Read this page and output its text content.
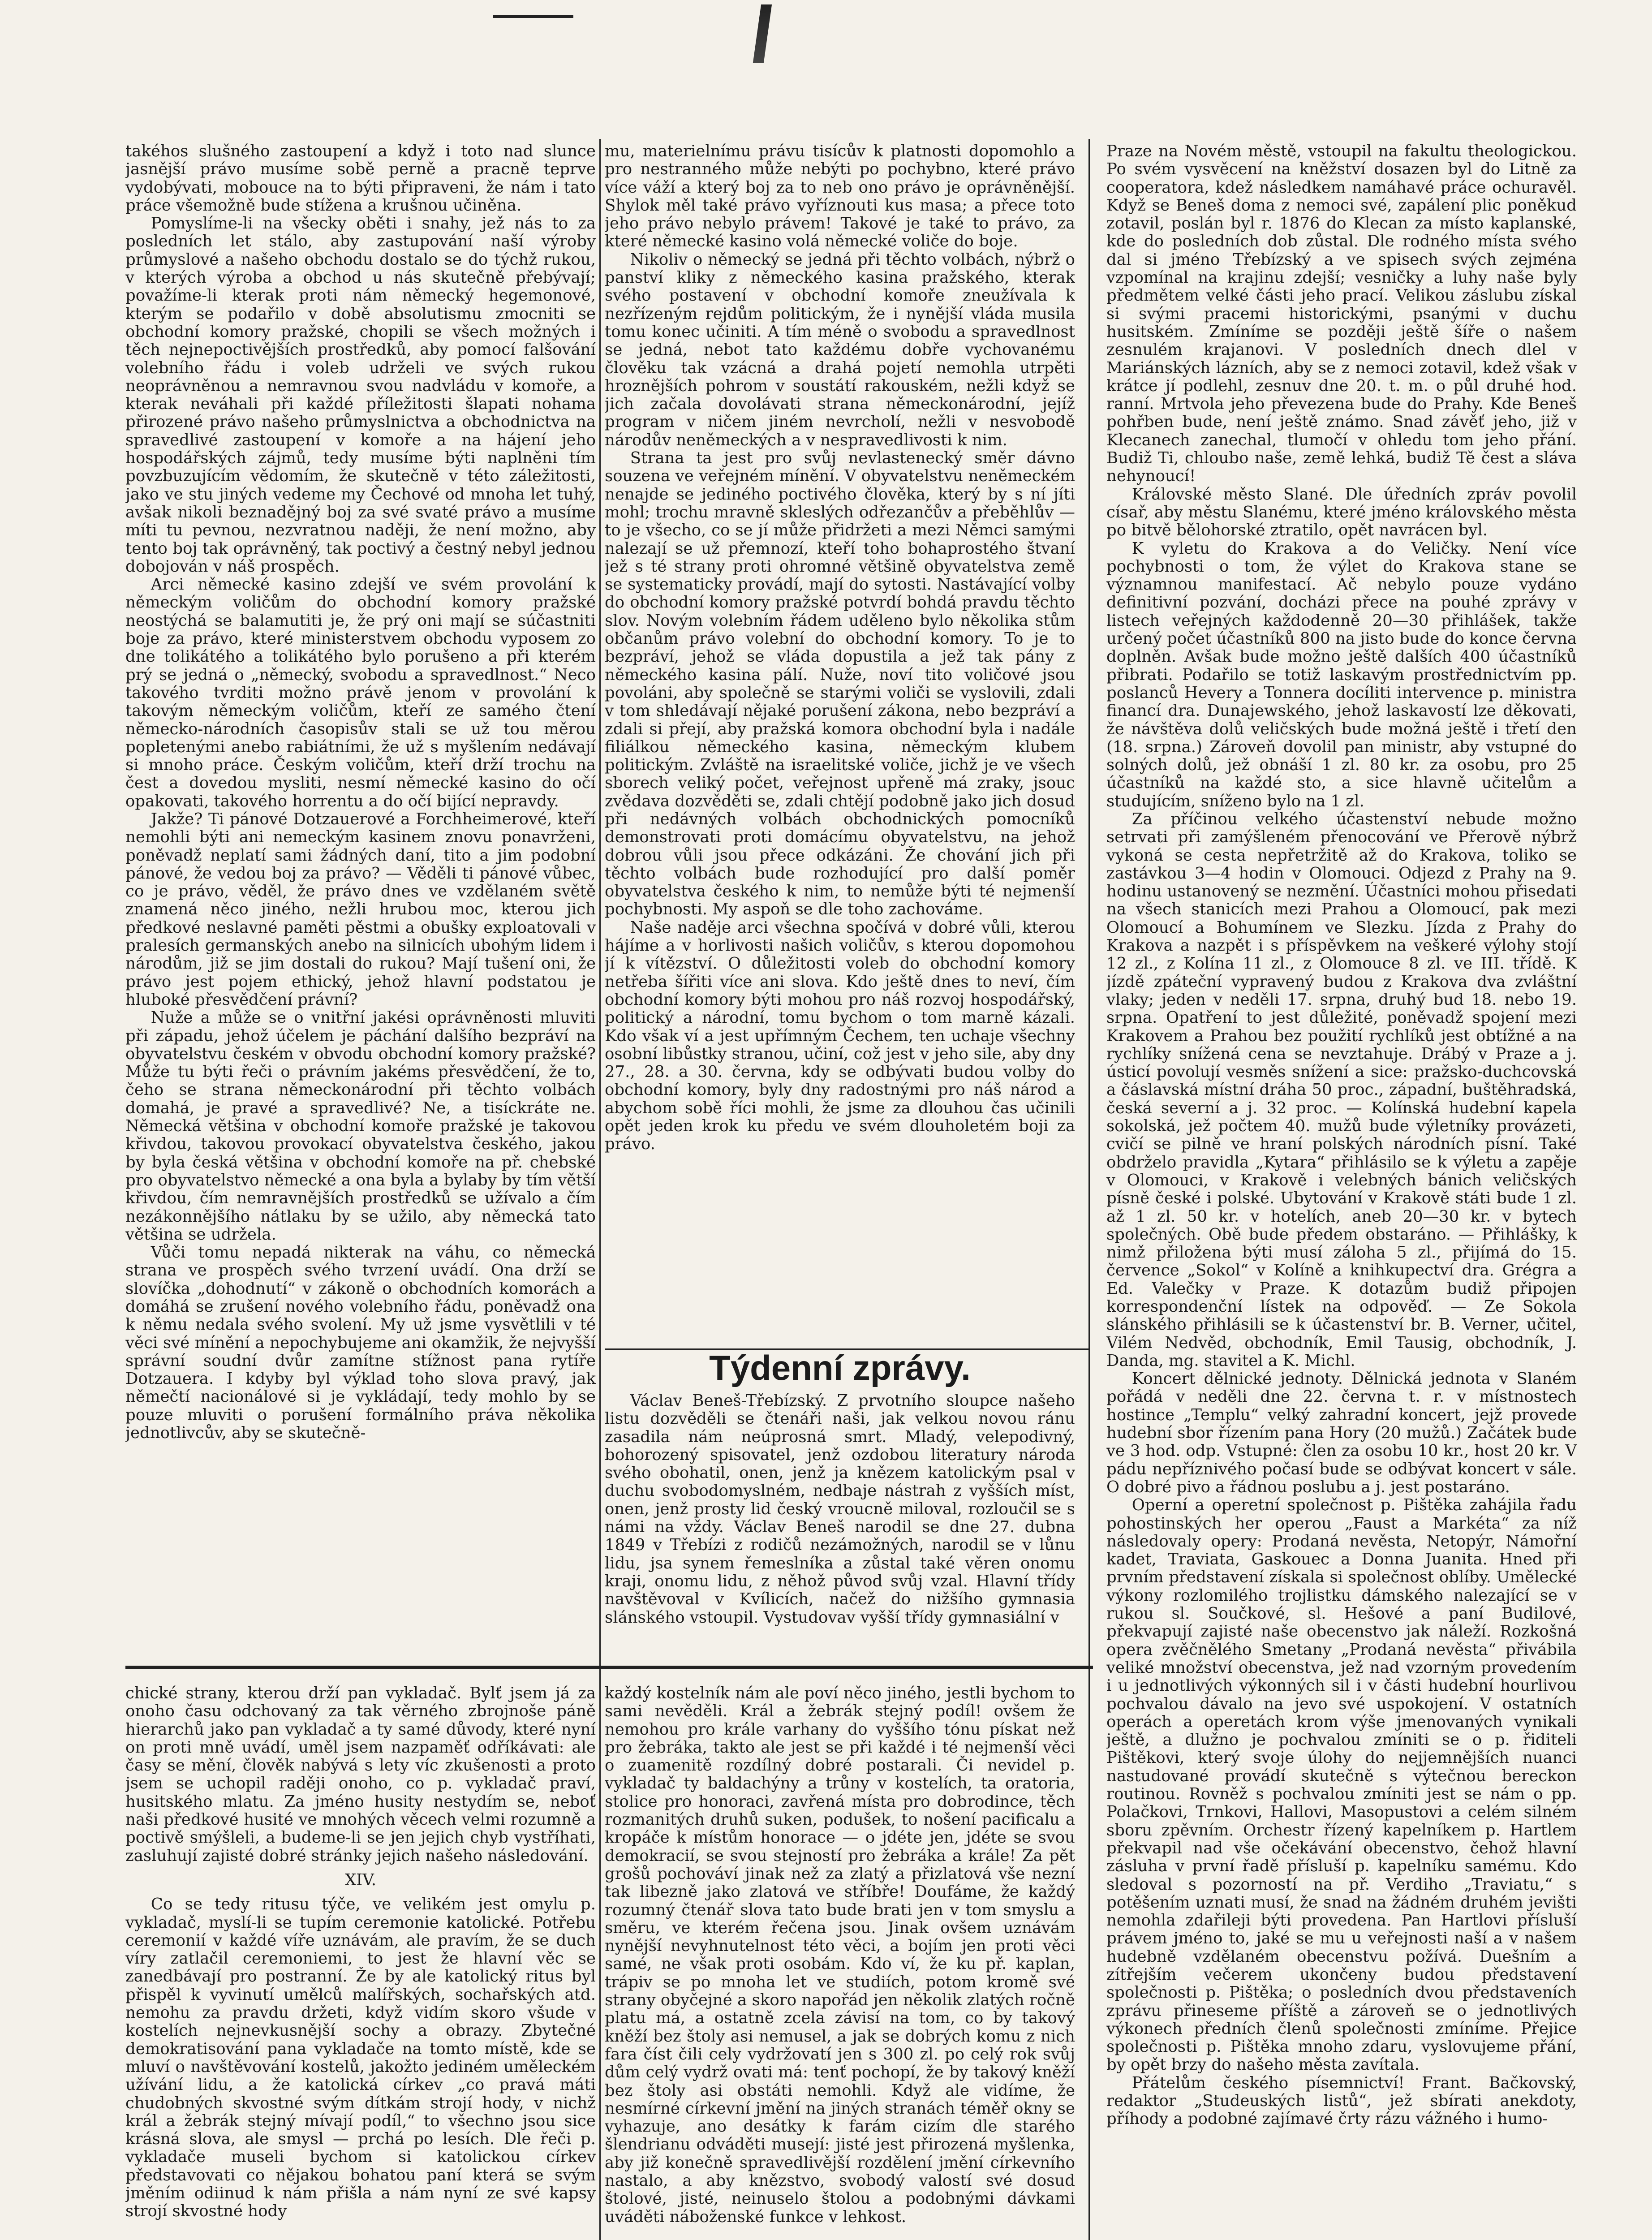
takéhos slušného zastoupení a když i toto nad slunce jasnější právo musíme sobě perně a pracně teprve vydobývati, mobouce na to býti připraveni, že nám i tato práce všemožně bude stížena a krušnou učiněna.

Pomyslíme-li na všecky oběti i snahy, jež nás to za posledních let stálo, aby zastupování naší výroby průmyslové a našeho obchodu dostalo se do týchž rukou, v kterých výroba a obchod u nás skutečně přebývají; považíme-li kterak proti nám německý hegemonové, kterým se podařilo v době absolutismu zmocniti se obchodní komory pražské, chopili se všech možných i těch nejnepoctivějších prostředků, aby pomocí falšování volebního řádu i voleb udrželi ve svých rukou neoprávněnou a nemravnou svou nadvládu v komoře, a kterak neváhali při každé příležitosti šlapati nohama přirozené právo našeho průmyslnictva a obchodnictva na spravedlivé zastoupení v komoře a na hájení jeho hospodářských zájmů, tedy musíme býti naplněni tím povzbuzujícím vědomím, že skutečně v této záležitosti, jako ve stu jiných vedeme my Čechové od mnoha let tuhý, avšak nikoli beznadějný boj za své svaté právo a musíme míti tu pevnou, nezvratnou naději, že není možno, aby tento boj tak oprávněný, tak poctivý a čestný nebyl jednou dobojován v náš prospěch.

Arci německé kasino zdejší ve svém provolání k německým voličům do obchodní komory pražské neostýchá se balamutiti je, že prý oni mají se súčastniti boje za právo, které ministerstvem obchodu vyposem zo dne tolikátého a tolikátého bylo porušeno a při kterém prý se jedná o „německý, svobodu a spravedlnost.“ Neco takového tvrditi možno právě jenom v provolání k takovým německým voličům, kteří ze samého čtení německo-národních časopisův stali se už tou měrou popletenými anebo rabiátními, že už s myšlením nedávají si mnoho práce. Českým voličům, kteří drží trochu na čest a dovedou mysliti, nesmí německé kasino do očí opakovati, takového horrentu a do očí bijící nepravdy.

Jakže? Ti pánové Dotzauerové a Forchheimerové, kteří nemohli býti ani nemeckým kasinem znovu ponavrženi, poněvadž neplatí sami žádných daní, tito a jim podobní pánové, že vedou boj za právo? — Věděli ti pánové vůbec, co je právo, věděl, že právo dnes ve vzdělaném světě znamená něco jiného, nežli hrubou moc, kterou jich předkové neslavné paměti pěstmi a obušky exploatovali v pralesích germanských anebo na silnicích ubohým lidem i národům, již se jim dostali do rukou? Mají tušení oni, že právo jest pojem ethický, jehož hlavní podstatou je hluboké přesvědčení právní?

Nuže a může se o vnitřní jakési oprávněnosti mluviti při západu, jehož účelem je páchání dalšího bezpráví na obyvatelstvu českém v obvodu obchodní komory pražské? Může tu býti řeči o právním jakéms přesvědčení, že to, čeho se strana německonárodní při těchto volbách domahá, je pravé a spravedlivé? Ne, a tisíckráte ne. Německá většina v obchodní komoře pražské je takovou křivdou, takovou provokací obyvatelstva českého, jakou by byla česká většina v obchodní komoře na př. chebské pro obyvatelstvo německé a ona byla a bylaby by tím větší křivdou, čím nemravnějších prostředků se užívalo a čím nezákonnějšího nátlaku by se užilo, aby německá tato většina se udržela.

Vůči tomu nepadá nikterak na váhu, co německá strana ve prospěch svého tvrzení uvádí. Ona drží se slovíčka „dohodnutí“ v zákoně o obchodních komorách a domáhá se zrušení nového volebního řádu, poněvadž ona k němu nedala svého svolení. My už jsme vysvětlili v té věci své mínění a nepochybujeme ani okamžik, že nejvyšší správní soudní dvůr zamítne stížnost pana rytíře Dotzauera. I kdyby byl výklad toho slova pravý, jak němečtí nacionálové si je vykládají, tedy mohlo by se pouze mluviti o porušení formálního práva několika jednotlivcův, aby se skutečně-

mu, materielnímu právu tisícův k platnosti dopomohlo a pro nestranného může nebýti po pochybno, které právo více váží a který boj za to neb ono právo je oprávněnější. Shylok měl také právo vyříznouti kus masa; a přece toto jeho právo nebylo právem! Takové je také to právo, za které německé kasino volá německé voliče do boje.

Nikoliv o německý se jedná při těchto volbách, nýbrž o panství kliky z německého kasina pražského, kterak svého postavení v obchodní komoře zneužívala k nezřízeným rejdům politickým, že i nynější vláda musila tomu konec učiniti. A tím méně o svobodu a spravedlnost se jedná, nebot tato každému dobře vychovanému člověku tak vzácná a drahá pojetí nemohla utrpěti hroznějších pohrom v soustátí rakouském, nežli když se jich začala dovolávati strana německonárodní, jejíž program v ničem jiném nevrcholí, nežli v nesvobodě národův neněmeckých a v nespravedlivosti k nim.

Strana ta jest pro svůj nevlastenecký směr dávno souzena ve veřejném mínění. V obyvatelstvu neněmeckém nenajde se jediného poctivého člověka, který by s ní jíti mohl; trochu mravně skleslých odřezančův a přeběhlův — to je všecho, co se jí může přidržeti a mezi Němci samými nalezají se už přemnozí, kteří toho bohaprostého štvaní jež s té strany proti ohromné většině obyvatelstva země se systematicky provádí, mají do sytosti. Nastávající volby do obchodní komory pražské potvrdí bohdá pravdu těchto slov. Novým volebním řádem uděleno bylo několika stům občanům právo volební do obchodní komory. To je to bezpráví, jehož se vláda dopustila a jež tak pány z německého kasina pálí. Nuže, noví tito voličové jsou povoláni, aby společně se starými voliči se vyslovili, zdali v tom shledávají nějaké porušení zákona, nebo bezpráví a zdali si přejí, aby pražská komora obchodní byla i nadále filiálkou německého kasina, německým klubem politickým. Zvláště na israelitské voliče, jichž je ve všech sborech veliký počet, veřejnost upřeně má zraky, jsouc zvědava dozvěděti se, zdali chtějí podobně jako jich dosud při nedávných volbách obchodnických pomocníků demonstrovati proti domácímu obyvatelstvu, na jehož dobrou vůli jsou přece odkázáni. Že chování jich při těchto volbách bude rozhodující pro další poměr obyvatelstva českého k nim, to nemůže býti té nejmenší pochybnosti. My aspoň se dle toho zachováme.

Naše naděje arci všechna spočívá v dobré vůli, kterou hájíme a v horlivosti našich voličův, s kterou dopomohou jí k vítězství. O důležitosti voleb do obchodní komory netřeba šířiti více ani slova. Kdo ještě dnes to neví, čím obchodní komory býti mohou pro náš rozvoj hospodářský, politický a národní, tomu bychom o tom marně kázali. Kdo však ví a jest upřímným Čechem, ten uchaje všechny osobní libůstky stranou, učiní, což jest v jeho sile, aby dny 27., 28. a 30. června, kdy se odbývati budou volby do obchodní komory, byly dny radostnými pro náš národ a abychom sobě říci mohli, že jsme za dlouhou čas učinili opět jeden krok ku předu ve svém dlouholetém boji za právo.

Týdenní zprávy.

Václav Beneš-Třebízský. Z prvotního sloupce našeho listu dozvěděli se čtenáři naši, jak velkou novou ránu zasadila nám neúprosná smrt. Mladý, velepodivný, bohorozený spisovatel, jenž ozdobou literatury národa svého obohatil, onen, jenž ja knězem katolickým psal v duchu svobodomyslném, nedbaje nástrah z vyšších míst, onen, jenž prosty lid český vroucně miloval, rozloučil se s námi na vždy. Václav Beneš narodil se dne 27. dubna 1849 v Třebízi z rodičů nezámožných, narodil se v lůnu lidu, jsa synem řemeslníka a zůstal také věren onomu kraji, onomu lidu, z něhož původ svůj vzal. Hlavní třídy navštěvoval v Kvílicích, načež do nižšího gymnasia slánského vstoupil. Vystudovav vyšší třídy gymnasiální v

Praze na Novém městě, vstoupil na fakultu theologickou. Po svém vysvěcení na kněžství dosazen byl do Litně za cooperatora, kdež následkem namáhavé práce ochuravěl. Když se Beneš doma z nemoci své, zapálení plic poněkud zotavil, poslán byl r. 1876 do Klecan za místo kaplanské, kde do posledních dob zůstal. Dle rodného místa svého dal si jméno Třebízský a ve spisech svých zejména vzpomínal na krajinu zdejší; vesničky a luhy naše byly předmětem velké části jeho prací. Velikou záslubu získal si svými pracemi historickými, psanými v duchu husitském. Zmíníme se později ještě šíře o našem zesnulém krajanovi. V posledních dnech dlel v Mariánských lázních, aby se z nemoci zotavil, kdež však v krátce jí podlehl, zesnuv dne 20. t. m. o půl druhé hod. ranní. Mrtvola jeho převezena bude do Prahy. Kde Beneš pohřben bude, není ještě známo. Snad závěť jeho, již v Klecanech zanechal, tlumočí v ohledu tom jeho přání. Budiž Ti, chloubo naše, země lehká, budiž Tě čest a sláva nehynoucí!

Královské město Slané. Dle úředních zpráv povolil císař, aby městu Slanému, které jméno královského města po bitvě bělohorské ztratilo, opět navrácen byl.

K vyletu do Krakova a do Veličky. Není více pochybnosti o tom, že výlet do Krakova stane se významnou manifestací. Ač nebylo pouze vydáno definitivní pozvání, docházi přece na pouhé zprávy v listech veřejných každodenně 20—30 přihlášek, takže určený počet účastníků 800 na jisto bude do konce června doplněn. Avšak bude možno ještě dalších 400 účastníků přibrati. Podařilo se totiž laskavým prostřednictvím pp. poslanců Hevery a Tonnera docíliti intervence p. ministra financí dra. Dunajewského, jehož laskavostí lze děkovati, že návštěva dolů veličských bude možná ještě i třetí den (18. srpna.) Zároveň dovolil pan ministr, aby vstupné do solných dolů, jež obnáší 1 zl. 80 kr. za osobu, pro 25 účastníků na každé sto, a sice hlavně učitelům a studujícím, sníženo bylo na 1 zl.

Za příčinou velkého účastenství nebude možno setrvati při zamýšleném přenocování ve Přerově nýbrž vykoná se cesta nepřetržitě až do Krakova, toliko se zastávkou 3—4 hodin v Olomouci. Odjezd z Prahy na 9. hodinu ustanovený se nezmění. Účastníci mohou přisedati na všech stanicích mezi Prahou a Olomoucí, pak mezi Olomoucí a Bohumínem ve Slezku. Jízda z Prahy do Krakova a nazpět i s příspěvkem na veškeré výlohy stojí 12 zl., z Kolína 11 zl., z Olomouce 8 zl. ve III. třídě. K jízdě zpáteční vypravený budou z Krakova dva zvláštní vlaky; jeden v neděli 17. srpna, druhý bud 18. nebo 19. srpna. Opatření to jest důležité, poněvadž spojení mezi Krakovem a Prahou bez použití rychlíků jest obtížné a na rychlíky snížená cena se nevztahuje. Drábý v Praze a j. ústicí povolují vesměs snížení a sice: pražsko-duchcovská a čáslavská místní dráha 50 proc., západní, buštěhradská, česká severní a j. 32 proc. — Kolínská hudební kapela sokolská, jež počtem 40. mužů bude výletníky provázeti, cvičí se pilně ve hraní polských národních písní. Také obdrželo pravidla „Kytara“ přihlásilo se k výletu a zapěje v Olomouci, v Krakově i velebných bánich veličských písně české i polské. Ubytování v Krakově státi bude 1 zl. až 1 zl. 50 kr. v hotelích, aneb 20—30 kr. v bytech společných. Obě bude předem obstaráno. — Přihlášky, k nimž přiložena býti musí záloha 5 zl., přijímá do 15. července „Sokol“ v Kolíně a knihkupectví dra. Grégra a Ed. Valečky v Praze. K dotazům budiž připojen korrespondenční lístek na odpověď. — Ze Sokola slánského přihlásili se k účastenství br. B. Verner, učitel, Vilém Nedvěd, obchodník, Emil Tausig, obchodník, J. Danda, mg. stavitel a K. Michl.

Koncert dělnické jednoty. Dělnická jednota v Slaném pořádá v neděli dne 22. června t. r. v místnostech hostince „Templu“ velký zahradní koncert, jejž provede hudební sbor řízením pana Hory (20 mužů.) Začátek bude ve 3 hod. odp. Vstupné: člen za osobu 10 kr., host 20 kr. V pádu nepříznivého počasí bude se odbývat koncert v sále. O dobré pivo a řádnou poslubu a j. jest postaráno.

Operní a operetní společnost p. Pištěka zahájila řadu pohostinských her operou „Faust a Markéta“ za níž následovaly opery: Prodaná nevěsta, Netopýr, Námořní kadet, Traviata, Gaskouec a Donna Juanita. Hned při prvním představení získala si společnost oblíby. Umělecké výkony rozlomilého trojlistku dámského nalezající se v rukou sl. Součkové, sl. Hešové a paní Budilové, překvapují zajisté naše obecenstvo jak náleží. Rozkošná opera zvěčnělého Smetany „Prodaná nevěsta“ přivábila veliké množství obecenstva, jež nad vzorným provedením i u jednotlivých výkonných sil i v části hudební hourlivou pochvalou dávalo na jevo své uspokojení. V ostatních operách a operetách krom výše jmenovaných vynikali ještě, a dlužno je pochvalou zmíniti se o p. řiditeli Pištěkovi, který svoje úlohy do nejjemnějších nuanci nastudované provádí skutečně s výtečnou bereckon routinou. Rovněž s pochvalou zmíniti jest se nám o pp. Polačkovi, Trnkovi, Hallovi, Masopustovi a celém silném sboru zpěvním. Orchestr řízený kapelníkem p. Hartlem překvapil nad vše očekávání obecenstvo, čehož hlavní zásluha v první řadě přísluší p. kapelníku samému. Kdo sledoval s pozorností na př. Verdiho „Traviatu,“ s potěšením uznati musí, že snad na žádném druhém jevišti nemohla zdařileji býti provedena. Pan Hartlovi přísluší právem jméno to, jaké se mu u veřejnosti naší a v našem hudebně vzdělaném obecenstvu požívá. Duešním a zítřejším večerem ukončeny budou představení společnosti p. Pištěka; o posledních dvou představeních zprávu přineseme příště a zároveň se o jednotlivých výkonech předních členů společnosti zmíníme. Přejice společnosti p. Pištěka mnoho zdaru, vyslovujeme přání, by opět brzy do našeho města zavítala.

Přátelům českého písemnictví! Frant. Bačkovský, redaktor „Studeuských listů“, jež sbírati anekdoty, příhody a podobné zajímavé črty rázu vážného i humo-

chické strany, kterou drží pan vykladač. Bylť jsem já za onoho času odchovaný za tak věrného zbrojnoše páně hierarchů jako pan vykladač a ty samé důvody, které nyní on proti mně uvádí, uměl jsem nazpaměť odříkávati: ale časy se mění, člověk nabývá s lety víc zkušenosti a proto jsem se uchopil raději onoho, co p. vykladač praví, husitského mlatu. Za jméno husity nestydím se, neboť naši předkové husité ve mnohých věcech velmi rozumně a poctivě smýšleli, a budeme-li se jen jejich chyb vystříhati, zasluhují zajisté dobré stránky jejich našeho následování.

XIV.

Co se tedy ritusu týče, ve velikém jest omylu p. vykladač, myslí-li se tupím ceremonie katolické. Potřebu ceremonií v každé víře uznávám, ale pravím, že se duch víry zatlačil ceremoniemi, to jest že hlavní věc se zanedbávají pro postranní. Že by ale katolický ritus byl přispěl k vyvinutí umělců malířských, sochařských atd. nemohu za pravdu držeti, když vidím skoro všude v kostelích nejnevkusnější sochy a obrazy. Zbytečné demokratisování pana vykladače na tomto místě, kde se mluví o navštěvování kostelů, jakožto jediném uměleckém užívání lidu, a že katolická církev „co pravá máti chudobných skvostné svým dítkám strojí hody, v nichž král a žebrák stejný mívají podíl,“ to všechno jsou sice krásná slova, ale smysl — prchá po lesích. Dle řeči p. vykladače museli bychom si katolickou církev představovati co nějakou bohatou paní která se svým jměním odiinud k nám přišla a nám nyní ze své kapsy strojí skvostné hody

každý kostelník nám ale poví něco jiného, jestli bychom to sami nevěděli. Král a žebrák stejný podíl! ovšem že nemohou pro krále varhany do vyššího tónu pískat než pro žebráka, takto ale jest se při každé i té nejmenší věci o zuamenitě rozdílný dobré postarali. Či nevidel p. vykladač ty baldachýny a trůny v kostelích, ta oratoria, stolice pro honoraci, zavřená místa pro dobrodince, těch rozmanitých druhů suken, podušek, to nošení pacificalu a kropáče k místům honorace — o jdéte jen, jdéte se svou demokracií, se svou stejností pro žebráka a krále! Za pět grošů pochováví jinak než za zlatý a přizlatová vše nezní tak libezně jako zlatová ve stříbře! Doufáme, že každý rozumný čtenář slova tato bude brati jen v tom smyslu a směru, ve kterém řečena jsou. Jinak ovšem uznávám nynější nevyhnutelnost této věci, a bojím jen proti věci samé, ne však proti osobám. Kdo ví, že ku př. kaplan, trápiv se po mnoha let ve studiích, potom kromě své strany obyčejné a skoro napořád jen několik zlatých ročně platu má, a ostatně zcela závisí na tom, co by takový kněží bez štoly asi nemusel, a jak se dobrých komu z nich fara číst čili cely vydržovatí jen s 300 zl. po celý rok svůj dům celý vydrž ovati má: tenť pochopí, že by takový kněží bez štoly asi obstáti nemohli. Když ale vidíme, že nesmírné církevní jmění na jiných stranách téměř okny se vyhazuje, ano desátky k farám cizím dle starého šlendrianu odváděti musejí: jisté jest přirozená myšlenka, aby již konečně spravedlivější rozdělení jmění církevního nastalo, a aby knězstvo, svobodý valostí své dosud štolové, jisté, neinuselo štolou a podobnými dávkami uváděti náboženské funkce v lehkost.
